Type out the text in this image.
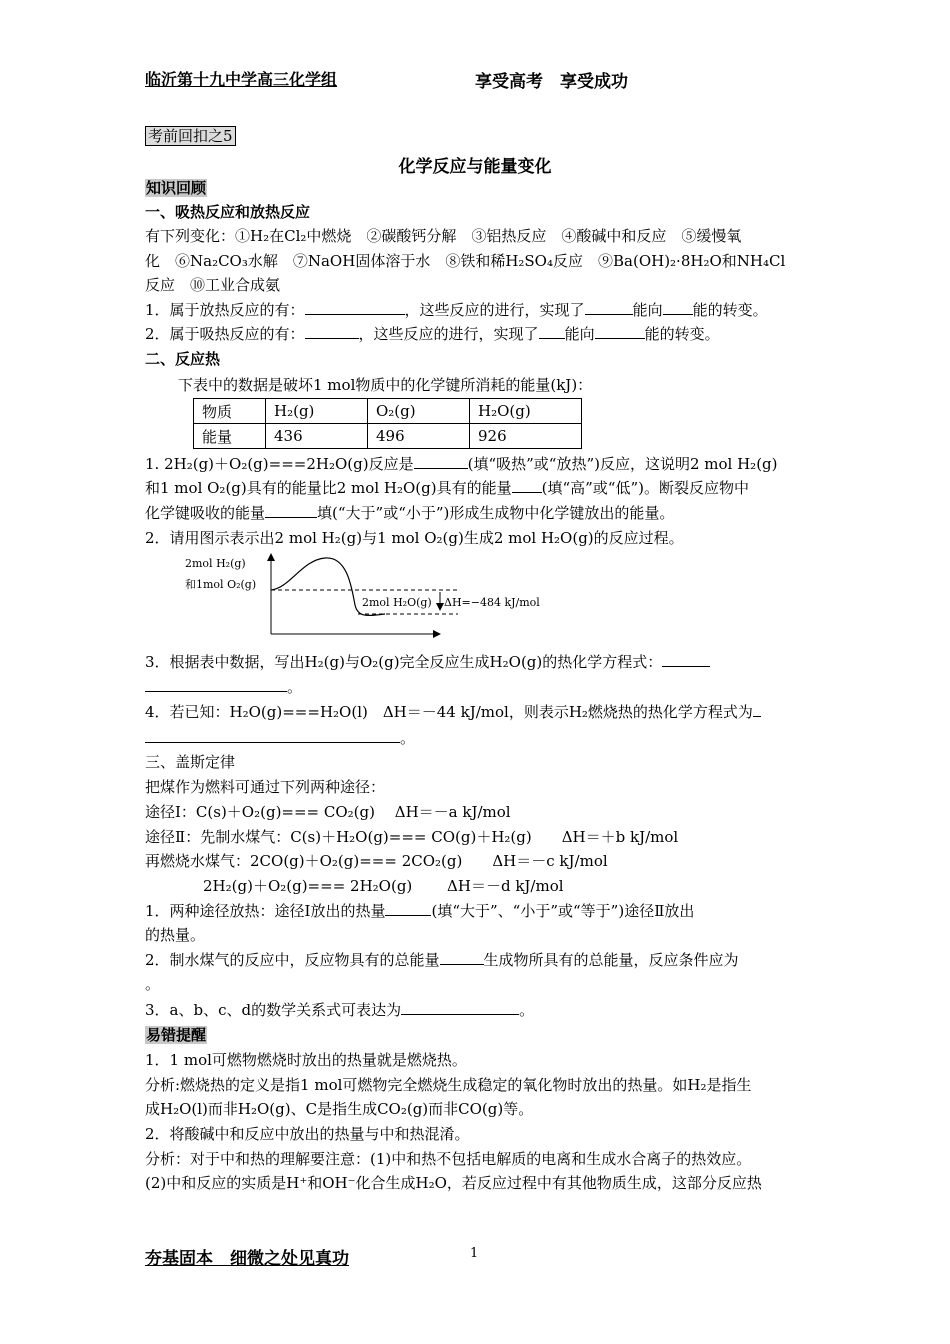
临沂第十九中学高三化学组	享受高考　享受成功
考前回扣之5
化学反应与能量变化
知识回顾
一、吸热反应和放热反应
有下列变化：①H₂在Cl₂中燃烧　②碳酸钙分解　③铝热反应　④酸碱中和反应　⑤缓慢氧
化　⑥Na₂CO₃水解　⑦NaOH固体溶于水　⑧铁和稀H₂SO₄反应　⑨Ba(OH)₂·8H₂O和NH₄Cl
反应　⑩工业合成氨
1．属于放热反应的有：	，这些反应的进行，实现了	能向 能的转变。
2．属于吸热反应的有：	，这些反应的进行，实现了 能向	能的转变。
二、反应热
下表中的数据是破坏1 mol物质中的化学键所消耗的能量(kJ)：
物质	H₂(g)	O₂(g)	H₂O(g)
能量	436	496	926
1. 2H₂(g)＋O₂(g)===2H₂O(g)反应是	(填“吸热”或“放热”)反应，这说明2 mol H₂(g)
和1 mol O₂(g)具有的能量比2 mol H₂O(g)具有的能量 (填“高”或“低”)。断裂反应物中
化学键吸收的能量	填(“大于”或“小于”)形成生成物中化学键放出的能量。
2．请用图示表示出2 mol H₂(g)与1 mol O₂(g)生成2 mol H₂O(g)的反应过程。
2mol H₂(g)
和1mol O₂(g)
2mol H₂O(g) ΔH=−484 kJ/mol
3．根据表中数据，写出H₂(g)与O₂(g)完全反应生成H₂O(g)的热化学方程式：
。
4．若已知：H₂O(g)===H₂O(l)　ΔH＝－44 kJ/mol，则表示H₂燃烧热的热化学方程式为
。
三、盖斯定律
把煤作为燃料可通过下列两种途径：
途径Ⅰ：C(s)＋O₂(g)=== CO₂(g)　 ΔH＝－a kJ/mol
途径Ⅱ：先制水煤气：C(s)＋H₂O(g)=== CO(g)＋H₂(g)　　ΔH＝＋b kJ/mol
再燃烧水煤气：2CO(g)＋O₂(g)=== 2CO₂(g)　　ΔH＝－c kJ/mol
2H₂(g)＋O₂(g)=== 2H₂O(g)　　 ΔH＝－d kJ/mol
1．两种途径放热：途径Ⅰ放出的热量	(填“大于”、“小于”或“等于”)途径Ⅱ放出
的热量。
2．制水煤气的反应中，反应物具有的总能量	生成物所具有的总能量，反应条件应为
。
3．a、b、c、d的数学关系式可表达为	。
易错提醒
1．1 mol可燃物燃烧时放出的热量就是燃烧热。
分析:燃烧热的定义是指1 mol可燃物完全燃烧生成稳定的氧化物时放出的热量。如H₂是指生
成H₂O(l)而非H₂O(g)、C是指生成CO₂(g)而非CO(g)等。
2．将酸碱中和反应中放出的热量与中和热混淆。
分析：对于中和热的理解要注意：(1)中和热不包括电解质的电离和生成水合离子的热效应。
(2)中和反应的实质是H⁺和OH⁻化合生成H₂O，若反应过程中有其他物质生成，这部分反应热
夯基固本　细微之处见真功	1
